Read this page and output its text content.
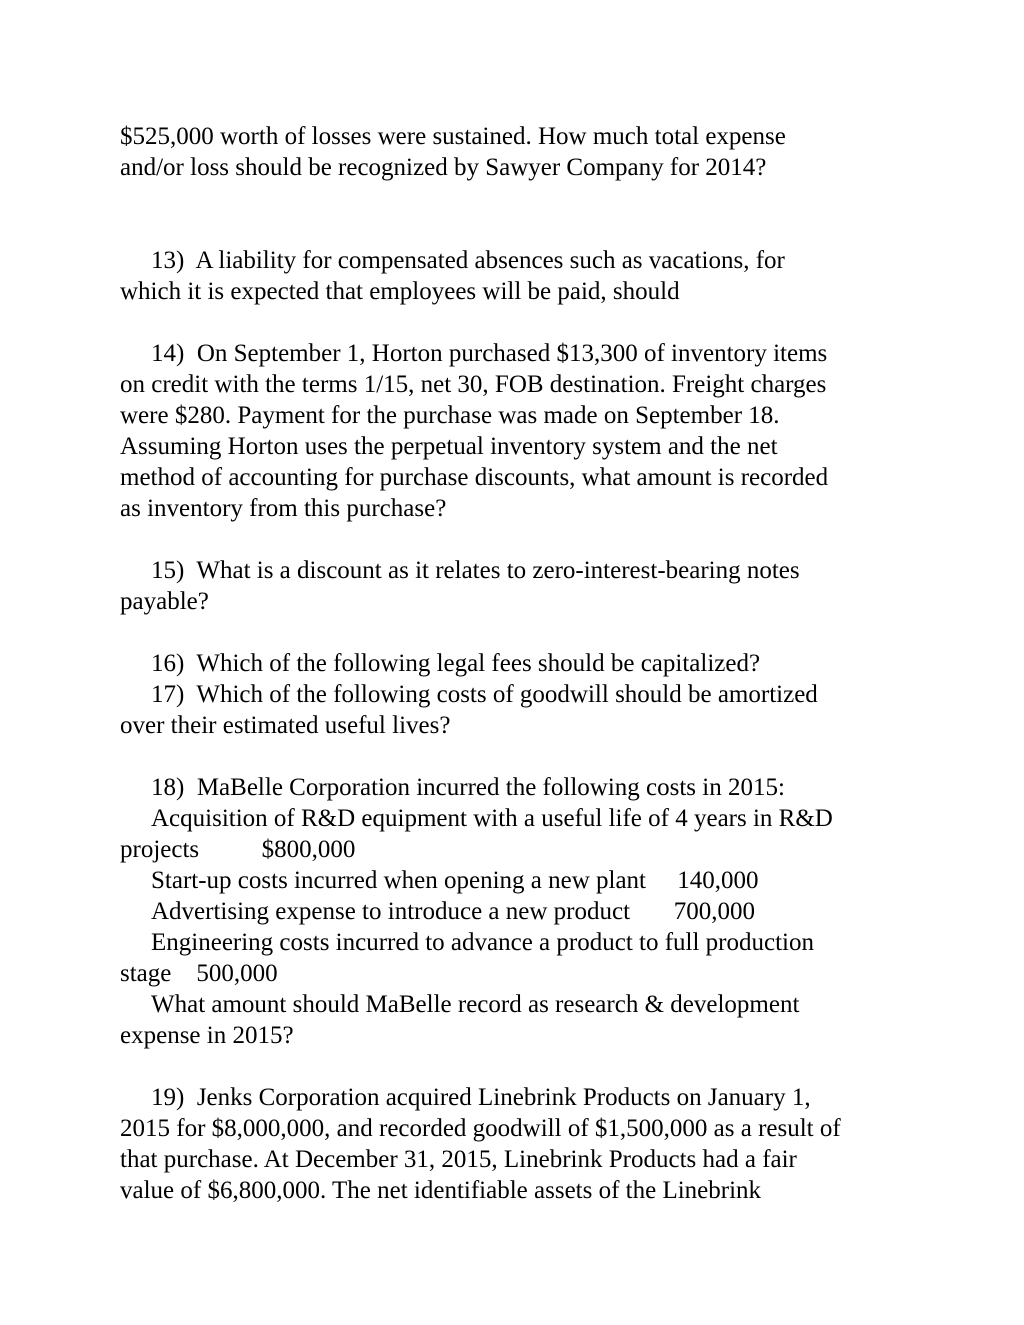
$525,000 worth of losses were sustained. How much total expense
and/or loss should be recognized by Sawyer Company for 2014?
13)  A liability for compensated absences such as vacations, for
which it is expected that employees will be paid, should
14)  On September 1, Horton purchased $13,300 of inventory items
on credit with the terms 1/15, net 30, FOB destination. Freight charges
were $280. Payment for the purchase was made on September 18.
Assuming Horton uses the perpetual inventory system and the net
method of accounting for purchase discounts, what amount is recorded
as inventory from this purchase?
15)  What is a discount as it relates to zero-interest-bearing notes
payable?
16)  Which of the following legal fees should be capitalized?
17)  Which of the following costs of goodwill should be amortized
over their estimated useful lives?
18)  MaBelle Corporation incurred the following costs in 2015:
Acquisition of R&D equipment with a useful life of 4 years in R&D
projects          $800,000
Start-up costs incurred when opening a new plant     140,000
Advertising expense to introduce a new product       700,000
Engineering costs incurred to advance a product to full production
stage    500,000
What amount should MaBelle record as research & development
expense in 2015?
19)  Jenks Corporation acquired Linebrink Products on January 1,
2015 for $8,000,000, and recorded goodwill of $1,500,000 as a result of
that purchase. At December 31, 2015, Linebrink Products had a fair
value of $6,800,000. The net identifiable assets of the Linebrink
